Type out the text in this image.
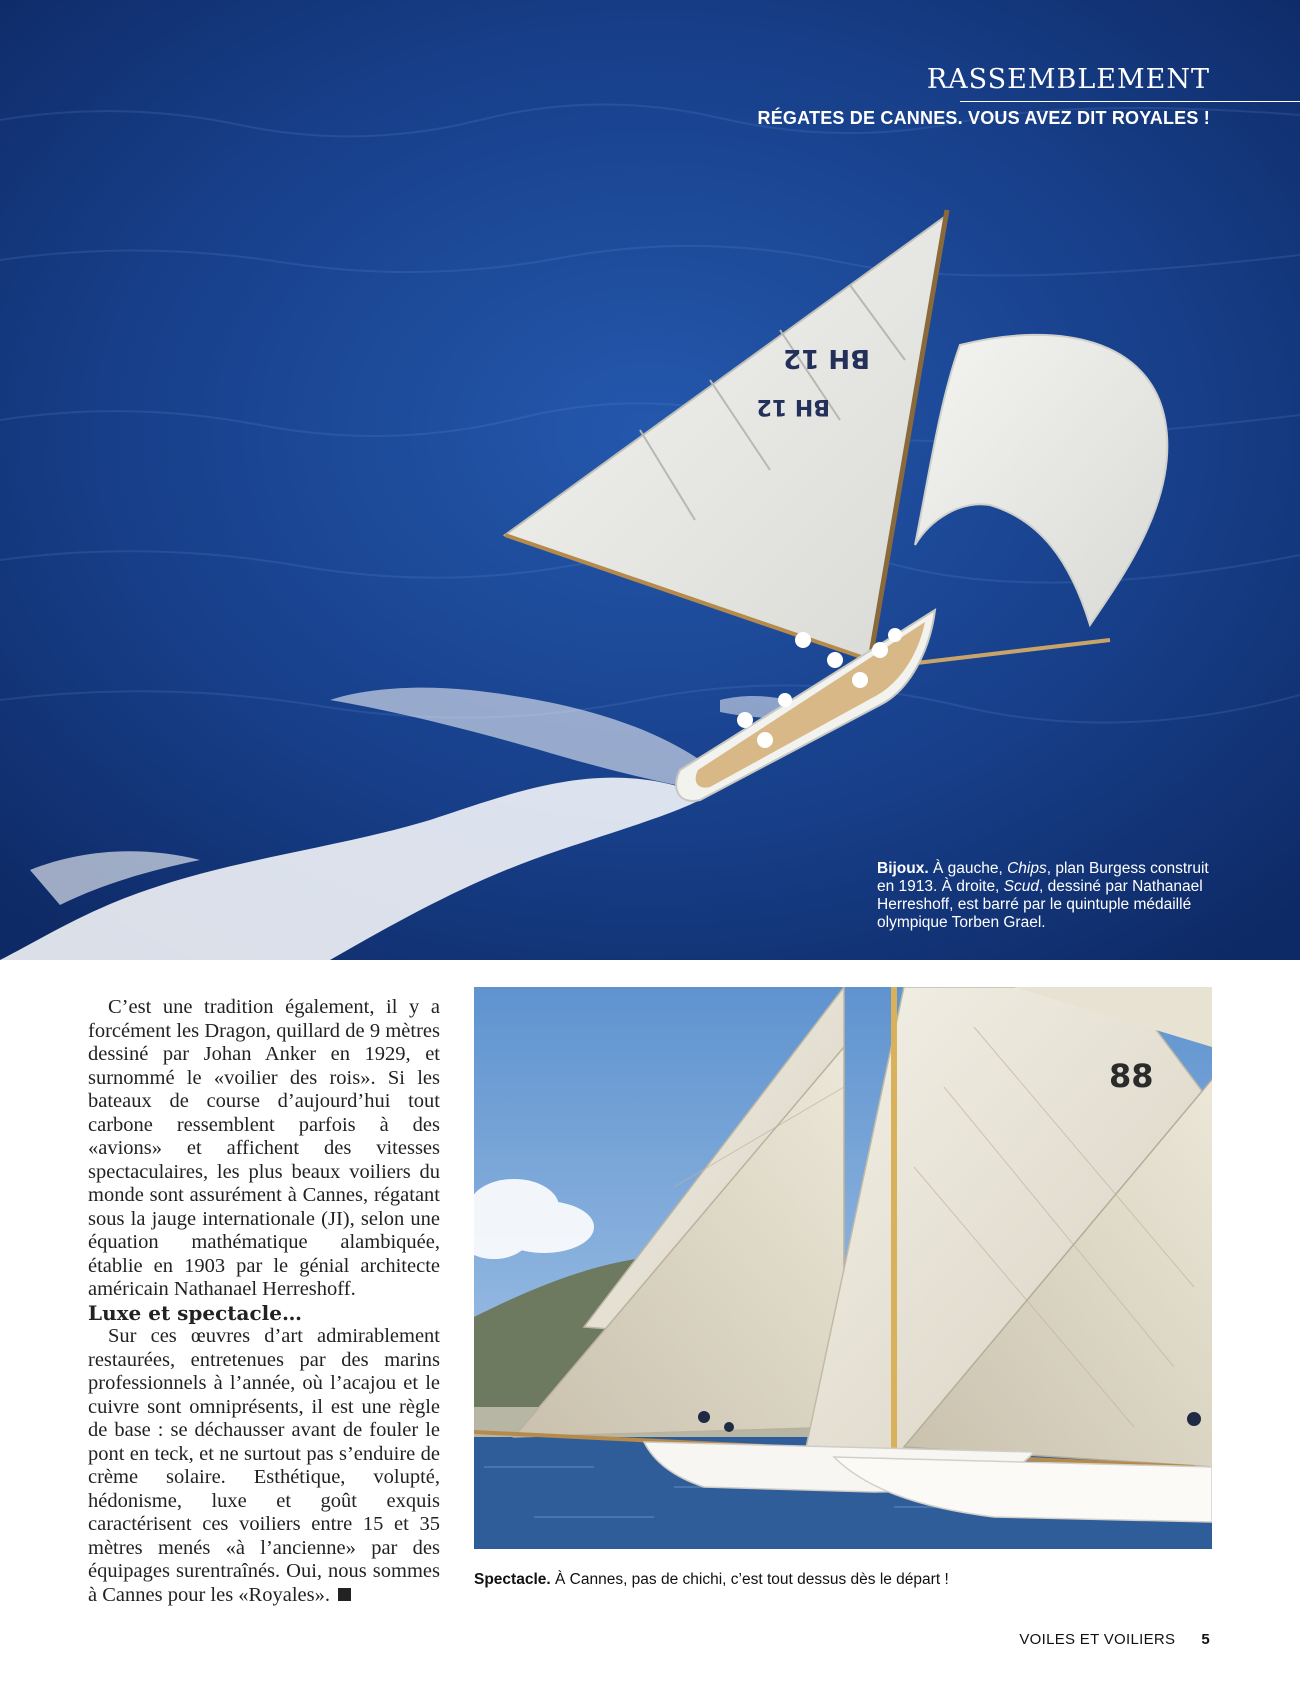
BH 12
BH 12
RASSEMBLEMENT
RÉGATES DE CANNES. VOUS AVEZ DIT ROYALES !
Bijoux. À gauche, Chips, plan Burgess construit en 1913. À droite, Scud, dessiné par Nathanael Herreshoff, est barré par le quintuple médaillé olympique Torben Grael.

C’est une tradition également, il y a forcément les Dragon, quillard de 9 mètres dessiné par Johan Anker en 1929, et surnommé le «voilier des rois». Si les bateaux de course d’aujourd’hui tout carbone ressemblent parfois à des «avions» et affichent des vitesses spectaculaires, les plus beaux voiliers du monde sont assurément à Cannes, régatant sous la jauge internationale (JI), selon une équation mathématique alambiquée, établie en 1903 par le génial architecte américain Nathanael Herreshoff.

Luxe et spectacle…

Sur ces œuvres d’art admirablement restaurées, entretenues par des marins professionnels à l’année, où l’acajou et le cuivre sont omniprésents, il est une règle de base : se déchausser avant de fouler le pont en teck, et ne surtout pas s’enduire de crème solaire. Esthétique, volupté, hédonisme, luxe et goût exquis caractérisent ces voiliers entre 15 et 35 mètres menés «à l’ancienne» par des équipages surentraînés. Oui, nous sommes à Cannes pour les «Royales».

88
Spectacle. À Cannes, pas de chichi, c’est tout dessus dès le départ !
VOILES ET VOILIERS 5
